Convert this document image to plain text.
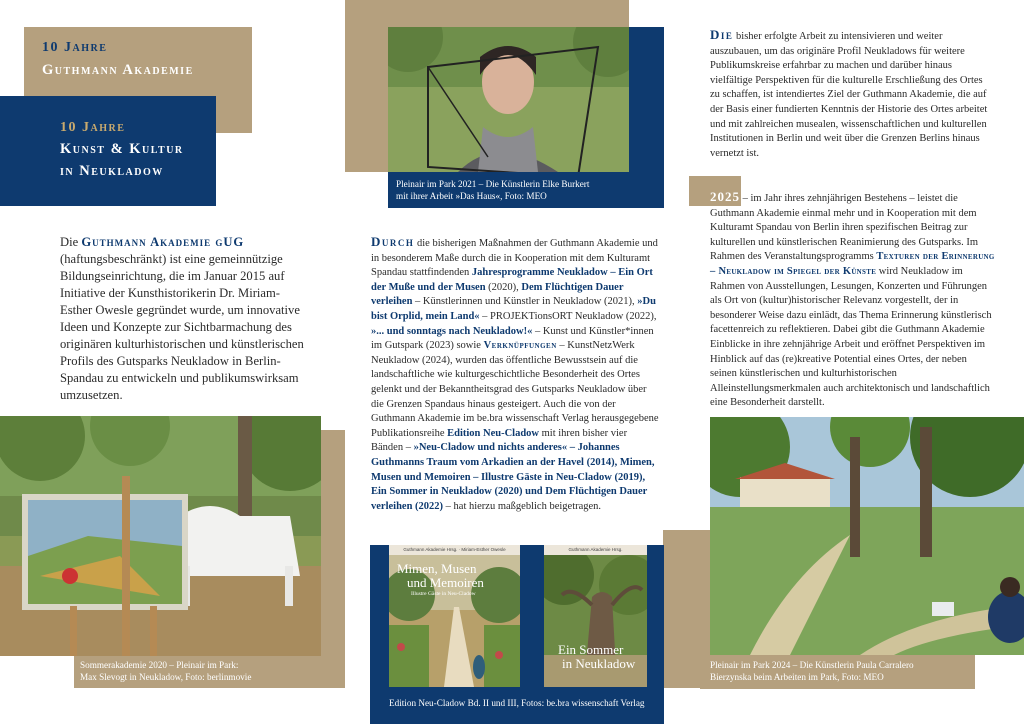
10 Jahre
Guthmann Akademie
10 Jahre
Kunst & Kultur
in Neukladow
Die Guthmann Akademie gUG (haftungsbeschränkt) ist eine gemeinnützige Bildungseinrichtung, die im Januar 2015 auf Initiative der Kunsthistorikerin Dr. Miriam-Esther Owesle gegründet wurde, um innovative Ideen und Konzepte zur Sichtbarmachung des originären kulturhistorischen und künstlerischen Profils des Gutsparks Neukladow in Berlin-Spandau zu entwickeln und publikumswirksam umzusetzen.
Sommerakademie 2020 – Pleinair im Park:
Max Slevogt in Neukladow, Foto: berlinmovie
Pleinair im Park 2021 – Die Künstlerin Elke Burkert
mit ihrer Arbeit »Das Haus«, Foto: MEO
Durch die bisherigen Maßnahmen der Guthmann Akademie und in besonderem Maße durch die in Kooperation mit dem Kulturamt Spandau stattfindenden Jahresprogramme Neukladow – Ein Ort der Muße und der Musen (2020), Dem Flüchtigen Dauer verleihen – Künstlerinnen und Künstler in Neukladow (2021), »Du bist Orplid, mein Land« – PROJEKTionsORT Neukladow (2022), »... und sonntags nach Neukladow!« – Kunst und Künstler*innen im Gutspark (2023) sowie Verknüpfungen – KunstNetzWerk Neukladow (2024), wurden das öffentliche Bewusstsein auf die landschaftliche wie kulturgeschichtliche Besonderheit des Ortes gelenkt und der Bekanntheitsgrad des Gutsparks Neukladow über die Grenzen Spandaus hinaus gesteigert. Auch die von der Guthmann Akademie im be.bra wissenschaft Verlag herausgegebene Publikationsreihe Edition Neu-Cladow mit ihren bisher vier Bänden – »Neu-Cladow und nichts anderes« – Johannes Guthmanns Traum vom Arkadien an der Havel (2014), Mimen, Musen und Memoiren – Illustre Gäste in Neu-Cladow (2019), Ein Sommer in Neukladow (2020) und Dem Flüchtigen Dauer verleihen (2022) – hat hierzu maßgeblich beigetragen.
Guthmann Akademie Hrsg. · Miriam-Esther Owesle
Mimen, Musen
und Memoiren
Illustre Gäste in Neu-Cladow
Guthmann Akademie Hrsg.
Ein Sommer
in Neukladow
Edition Neu-Cladow Bd. II und III, Fotos: be.bra wissenschaft Verlag
Die bisher erfolgte Arbeit zu intensivieren und weiter auszubauen, um das originäre Profil Neukladows für weitere Publikumskreise erfahrbar zu machen und darüber hinaus vielfältige Perspektiven für die kulturelle Erschließung des Ortes zu schaffen, ist intendiertes Ziel der Guthmann Akademie, die auf der Basis einer fundierten Kenntnis der Historie des Ortes arbeitet und mit zahlreichen musealen, wissenschaftlichen und kulturellen Institutionen in Berlin und weit über die Grenzen Berlins hinaus vernetzt ist.
2025 – im Jahr ihres zehnjährigen Bestehens – leistet die Guthmann Akademie einmal mehr und in Kooperation mit dem Kulturamt Spandau von Berlin ihren spezifischen Beitrag zur kulturellen und künstlerischen Reanimierung des Gutsparks. Im Rahmen des Veranstaltungsprogramms Texturen der Erinnerung – Neukladow im Spiegel der Künste wird Neukladow im Rahmen von Ausstellungen, Lesungen, Konzerten und Führungen als Ort von (kultur)historischer Relevanz vorgestellt, der in besonderer Weise dazu einlädt, das Thema Erinnerung künstlerisch facettenreich zu reflektieren. Dabei gibt die Guthmann Akademie Einblicke in ihre zehnjährige Arbeit und eröffnet Perspektiven im Hinblick auf das (re)kreative Potential eines Ortes, der neben seinen künstlerischen und kulturhistorischen Alleinstellungsmerkmalen auch architektonisch und landschaftlich eine Besonderheit darstellt.
Pleinair im Park 2024 – Die Künstlerin Paula Carralero
Bierzynska beim Arbeiten im Park, Foto: MEO
